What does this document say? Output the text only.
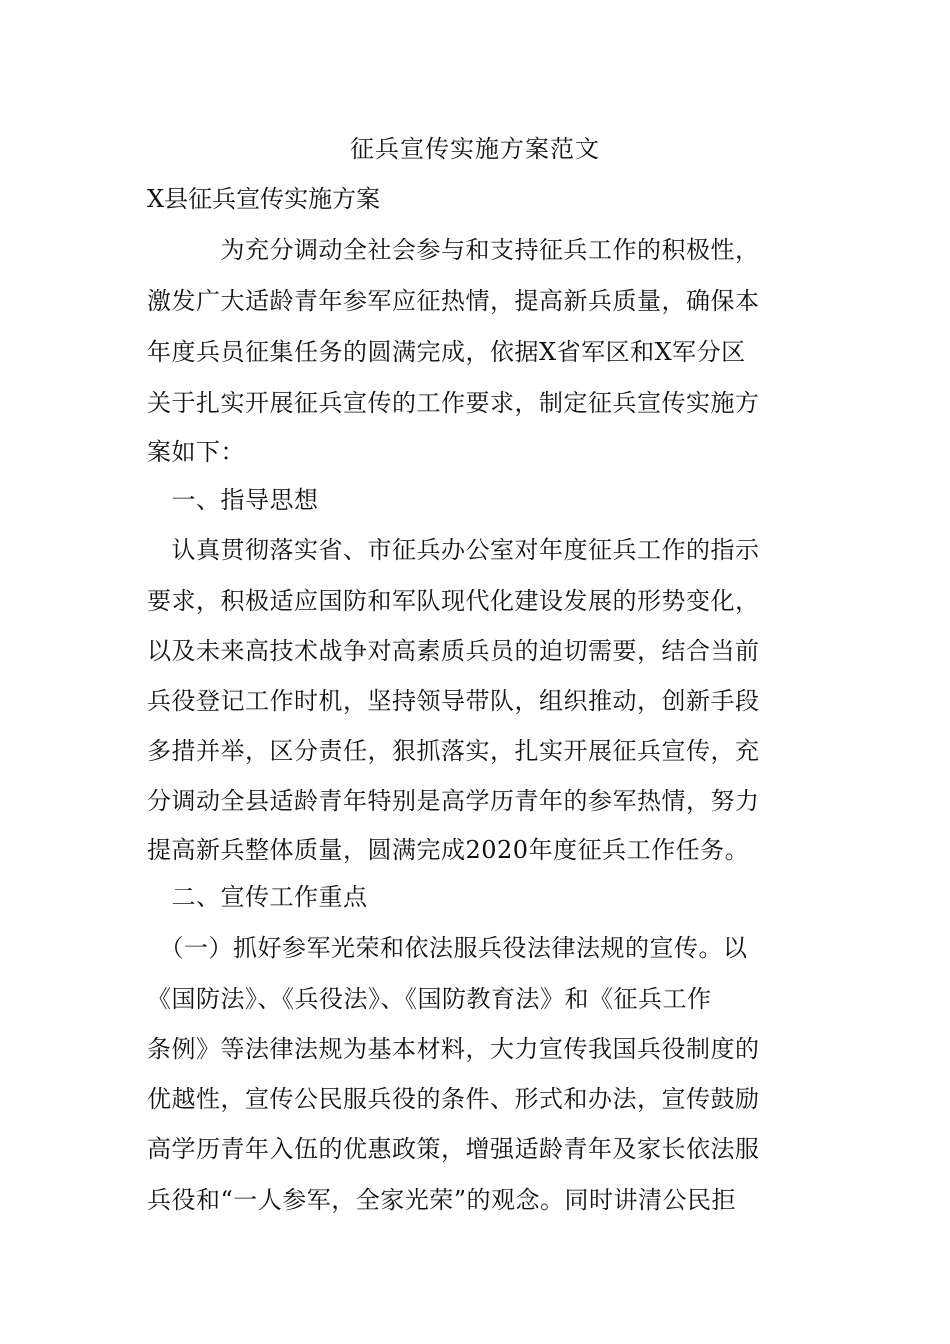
征兵宣传实施方案范文
X县征兵宣传实施方案
　　　为充分调动全社会参与和支持征兵工作的积极性，
激发广大适龄青年参军应征热情，提高新兵质量，确保本
年度兵员征集任务的圆满完成，依据X省军区和X军分区
关于扎实开展征兵宣传的工作要求，制定征兵宣传实施方
案如下：
　一、指导思想
　认真贯彻落实省、市征兵办公室对年度征兵工作的指示
要求，积极适应国防和军队现代化建设发展的形势变化，
以及未来高技术战争对高素质兵员的迫切需要，结合当前
兵役登记工作时机，坚持领导带队，组织推动，创新手段
多措并举，区分责任，狠抓落实，扎实开展征兵宣传，充
分调动全县适龄青年特别是高学历青年的参军热情，努力
提高新兵整体质量，圆满完成2020年度征兵工作任务。
　二、宣传工作重点
　（一）抓好参军光荣和依法服兵役法律法规的宣传。以
《国防法》、《兵役法》、《国防教育法》和《征兵工作
条例》等法律法规为基本材料，大力宣传我国兵役制度的
优越性，宣传公民服兵役的条件、形式和办法，宣传鼓励
高学历青年入伍的优惠政策，增强适龄青年及家长依法服
兵役和“一人参军，全家光荣”的观念。同时讲清公民拒
